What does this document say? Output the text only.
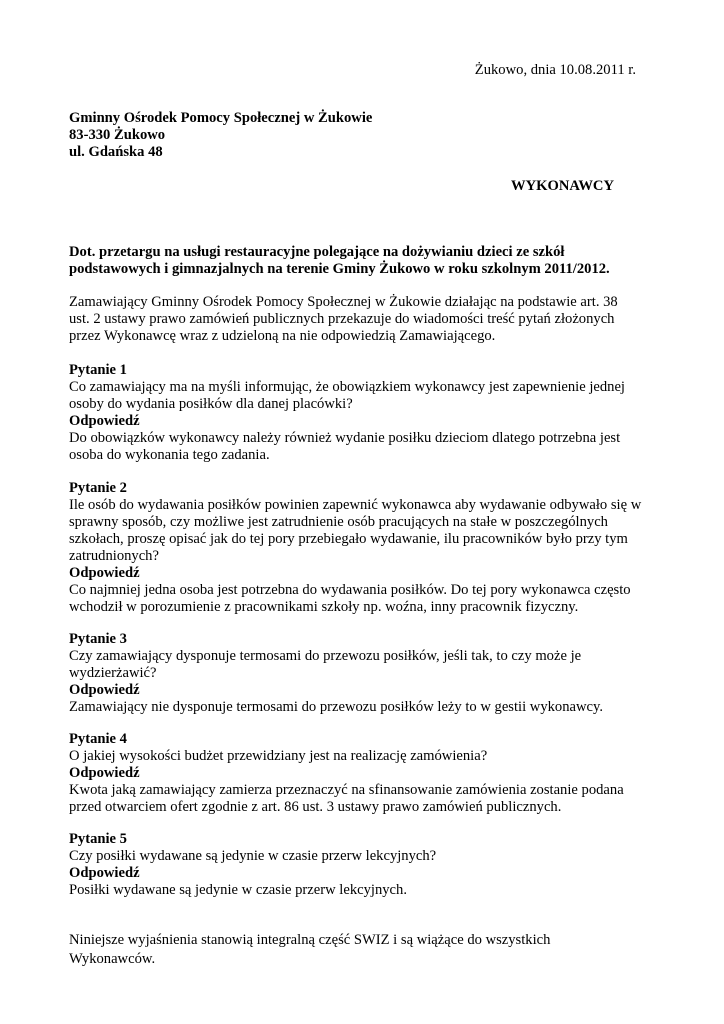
Żukowo, dnia 10.08.2011 r.
Gminny Ośrodek Pomocy Społecznej w Żukowie
83-330 Żukowo
ul. Gdańska 48
WYKONAWCY
Dot. przetargu na usługi restauracyjne polegające na dożywianiu dzieci ze szkół podstawowych i gimnazjalnych na terenie Gminy Żukowo w roku szkolnym 2011/2012.
Zamawiający Gminny Ośrodek Pomocy Społecznej w Żukowie działając na podstawie art. 38 ust. 2 ustawy prawo zamówień publicznych przekazuje do wiadomości treść pytań złożonych przez Wykonawcę wraz z udzieloną na nie odpowiedzią Zamawiającego.

Pytanie 1

Co zamawiający ma na myśli informując, że obowiązkiem wykonawcy jest zapewnienie jednej osoby do wydania posiłków dla danej placówki?

Odpowiedź

Do obowiązków wykonawcy należy również wydanie posiłku dzieciom dlatego potrzebna jest osoba do wykonania tego zadania.

Pytanie 2

Ile osób do wydawania posiłków powinien zapewnić wykonawca aby wydawanie odbywało się w sprawny sposób, czy możliwe jest zatrudnienie osób pracujących na stałe w poszczególnych szkołach, proszę opisać jak do tej pory przebiegało wydawanie, ilu pracowników było przy tym zatrudnionych?

Odpowiedź

Co najmniej jedna osoba jest potrzebna do wydawania posiłków. Do tej pory wykonawca często wchodził w porozumienie z pracownikami szkoły np. woźna, inny pracownik fizyczny.

Pytanie 3

Czy zamawiający dysponuje termosami do przewozu posiłków, jeśli tak, to czy może je wydzierżawić?

Odpowiedź

Zamawiający nie dysponuje termosami do przewozu posiłków leży to w gestii wykonawcy.

Pytanie 4

O jakiej wysokości budżet przewidziany jest na realizację zamówienia?

Odpowiedź

Kwota jaką zamawiający zamierza przeznaczyć na sfinansowanie zamówienia zostanie podana przed otwarciem ofert zgodnie z art. 86 ust. 3 ustawy prawo zamówień publicznych.

Pytanie 5

Czy posiłki wydawane są jedynie w czasie przerw lekcyjnych?

Odpowiedź

Posiłki wydawane są jedynie w czasie przerw lekcyjnych.

Niniejsze wyjaśnienia stanowią integralną część SWIZ i są wiążące do wszystkich Wykonawców.
